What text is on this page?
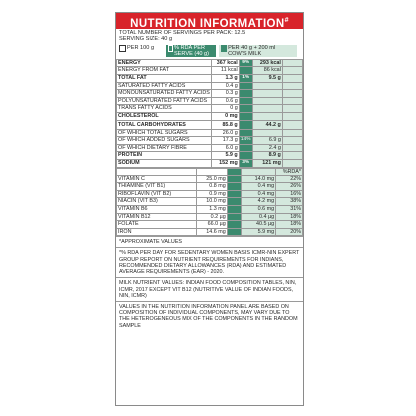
NUTRITION INFORMATION#
TOTAL NUMBER OF SERVINGS PER PACK: 12.5
SERVING SIZE: 40 g
PER 100 g	% RDA PER SERVE (40 g)
PER 40 g + 200 ml COW'S MILK
ENERGY	367 kcal	9%	293 kcal	
ENERGY FROM FAT	11 kcal		86 kcal	
TOTAL FAT	1.3 g	1%	9.5 g	
SATURATED FATTY ACIDS	0.4 g			
MONOUNSATURATED FATTY ACIDS	0.3 g			
POLYUNSATURATED FATTY ACIDS	0.6 g			
TRANS FATTY ACIDS	0 g			
CHOLESTEROL	0 mg			
TOTAL CARBOHYDRATES	85.8 g		44.2 g	
OF WHICH TOTAL SUGARS	26.0 g			
OF WHICH ADDED SUGARS	17.3 g	14%	6.9 g	
OF WHICH DIETARY FIBRE	6.0 g		2.4 g	
PROTEIN	5.9 g		8.9 g	
SODIUM	152 mg	3%	121 mg	
				%RDA*
VITAMIN C	25.0 mg		14.0 mg	22%
THIAMINE (VIT B1)	0.8 mg		0.4 mg	26%
RIBOFLAVIN (VIT B2)	0.9 mg		0.4 mg	16%
NIACIN (VIT B3)	10.0 mg		4.2 mg	38%
VITAMIN B6	1.3 mg		0.6 mg	31%
VITAMIN B12	0.2 µg		0.4 µg	18%
FOLATE	66.0 µg		40.5 µg	18%
IRON	14.6 mg		5.9 mg	20%
*APPROXIMATE VALUES
*% RDA PER DAY FOR SEDENTARY WOMEN BASIS ICMR-NIN EXPERT GROUP REPORT ON NUTRIENT REQUIREMENTS FOR INDIANS, RECOMMENDED DIETARY ALLOWANCES (RDA) AND ESTIMATED AVERAGE REQUIREMENTS (EAR) - 2020.
MILK NUTRIENT VALUES: INDIAN FOOD COMPOSITION TABLES, NIN, ICMR, 2017 EXCEPT VIT B12 (NUTRITIVE VALUE OF INDIAN FOODS, NIN, ICMR)
VALUES IN THE NUTRITION INFORMATION PANEL ARE BASED ON COMPOSITION OF INDIVIDUAL COMPONENTS, MAY VARY DUE TO THE HETEROGENEOUS MIX OF THE COMPONENTS IN THE RANDOM SAMPLE
